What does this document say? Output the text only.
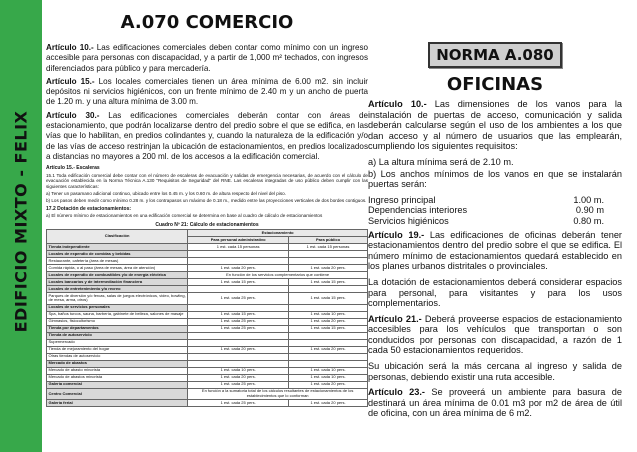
EDIFICIO MIXTO - FELIX
A.070 COMERCIO

Artículo 10.- Las edificaciones comerciales deben contar como mínimo con un ingreso accesible para personas con discapacidad, y a partir de 1,000 m² techados, con ingresos diferenciados para público y para mercadería.

Artículo 15.- Los locales comerciales tienen un área mínima de 6.00 m2. sin incluir depósitos ni servicios higiénicos, con un frente mínimo de 2.40 m y un ancho de puerta de 1.20 m. y una altura mínima de 3.00 m.

Artículo 30.- Las edificaciones comerciales deberán contar con áreas de estacionamiento, que podrán localizarse dentro del predio sobre el que se edifica, en las vías que lo habilitan, en predios colindantes y, cuando la naturaleza de la edificación y/o de las vías de acceso restrinjan la ubicación de estacionamientos, en predios localizados a distancias no mayores a 200 ml. de los accesos a la edificación comercial.

Artículo 15.- Escaleras

15.1 Toda edificación comercial debe contar con el número de escaleras de evacuación y salidas de emergencia necesarias, de acuerdo con el cálculo de evacuación establecida en la Norma Técnica A.130 "Requisitos de Seguridad" del RNE. Las escaleras integradas de uso público deben cumplir con las siguientes características:

a) Tener un pasamano adicional continuo, ubicado entre los 0.45 m. y los 0.60 m. de altura respecto del nivel del piso.

b) Los pasos deben medir como mínimo 0.28 m. y los contrapasos un máximo de 0.18 m., medido entre las proyecciones verticales de dos bordes contiguos.

17.2 Dotación de estacionamientos:

a) El número mínimo de estacionamientos en una edificación comercial se determina en base al cuadro de cálculo de estacionamientos

Cuadro Nº 21: Cálculo de estacionamientos
Clasificación	Estacionamiento	
	Para personal administrativo	Para público
Tienda independiente	1 est. cada 15 personas	1 est. cada 15 personas
Locales de expendio de comidas y bebidas		
Restaurante, cafetería (área de mesas)		
Comida rápida, o al paso (área de mesas, área de atención)	1 est. cada 20 pers.	1 est. cada 20 pers.
Locales de expendio de combustibles y/o de energía eléctrica	En función de los servicios complementarios que contiene	
Locales bancarios y de intermediación financiera	1 est. cada 15 pers.	1 est. cada 15 pers.
Locales de entretenimiento y/o recreo		
Parques de diversión y/o fercas, salas de juegos electrónicos, video, bowling, de mesa, arma, otros)	1 est. cada 25 pers.	1 est. cada 15 pers.
Locales de servicios personales		
Spa, baños turcos, sauna, barbería, gabinete de belleza, salones de masaje	1 est. cada 15 pers.	1 est. cada 10 pers.
Gimnasios, fisiocultorismo	1 est. cada 25 pers.	1 est. cada 20 pers.
Tienda por departamentos	1 est. cada 25 pers.	1 est. cada 15 pers.
Tienda de autoservicio		
Supermercado		
Tienda de mejoramiento del hogar	1 est. cada 20 pers.	1 est. cada 20 pers.
Otras tiendas de autoservicio		
Mercado de abastos		
Mercado de abasto minorista	1 est. cada 10 pers.	1 est. cada 10 pers.
Mercado de abastos minorista	1 est. cada 20 pers.	1 est. cada 10 pers.
Galería comercial	1 est. cada 25 pers.	1 est. cada 20 pers.
Centro Comercial	En función a la sumatoria total de los cálculos resultantes de estacionamientos de los establecimientos que lo conforman	
Galería ferial	1 est. cada 25 pers.	1 est. cada 20 pers.
NORMA A.080
OFICINAS

Artículo 10.- Las dimensiones de los vanos para la instalación de puertas de acceso, comunicación y salida deberán calcularse según el uso de los ambientes a los que dan acceso y al número de usuarios que las emplearán, cumpliendo los siguientes requisitos:

a) La altura mínima será de 2.10 m.

b) Los anchos mínimos de los vanos en que se instalarán puertas serán:

Ingreso principal	1.00 m.
Dependencias interiores	0.90 m
Servicios higiénicos	0.80 m.

Artículo 19.- Las edificaciones de oficinas deberán tener estacionamientos dentro del predio sobre el que se edifica. El número mínimo de estacionamientos quedará establecido en los planes urbanos distritales o provinciales.

La dotación de estacionamientos deberá considerar espacios para personal, para visitantes y para los usos complementarios.

Artículo 21.- Deberá proveerse espacios de estacionamiento accesibles para los vehículos que transportan o son conducidos por personas con discapacidad, a razón de 1 cada 50 estacionamientos requeridos.

Su ubicación será la más cercana al ingreso y salida de personas, debiendo existir una ruta accesible.

Artículo 23.- Se proveerá un ambiente para basura de destinará un área mínima de 0.01 m3 por m2 de área de útil de oficina, con un área mínima de 6 m2.
